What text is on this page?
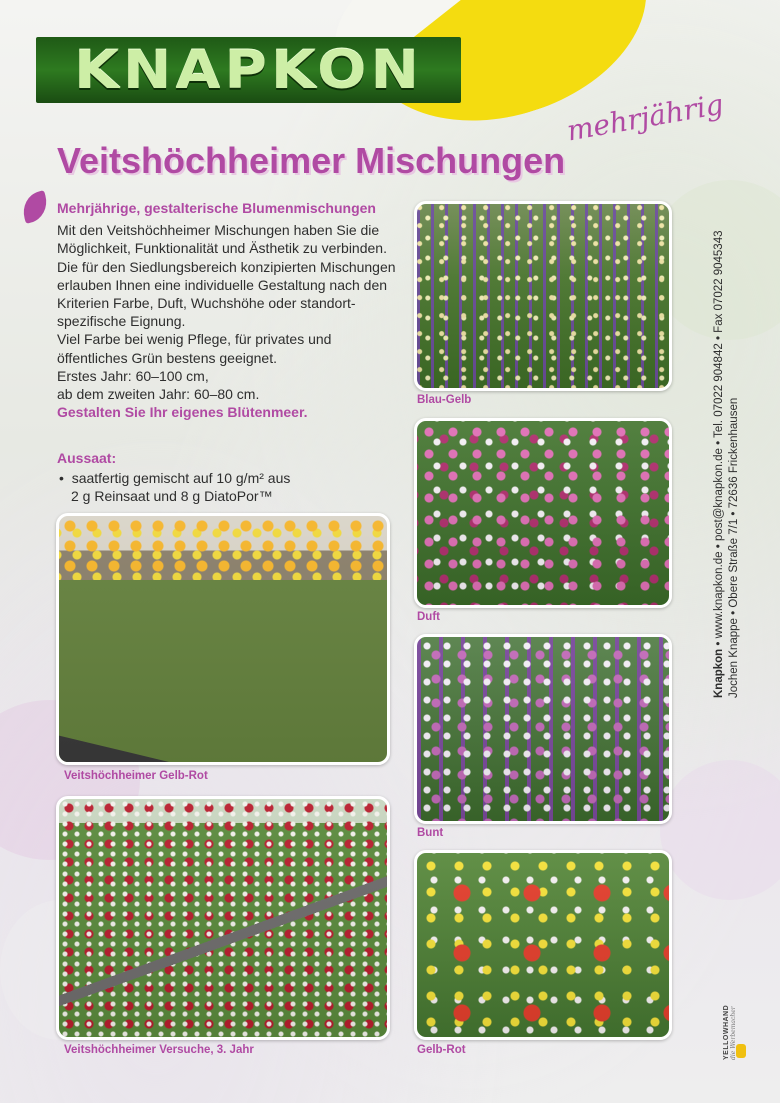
KNAPKON
mehrjährig
Veitshöchheimer Mischungen
Mehrjährige, gestalterische Blumenmischungen
Mit den Veitshöchheimer Mischungen haben Sie die Möglichkeit, Funktionalität und Ästhetik zu verbinden.
Die für den Siedlungsbereich konzipierten Mischungen erlauben Ihnen eine individuelle Gestaltung nach den Kriterien Farbe, Duft, Wuchshöhe oder standort-spezifische Eignung.
Viel Farbe bei wenig Pflege, für privates und öffentliches Grün bestens geeignet.
Erstes Jahr: 60–100 cm,
ab dem zweiten Jahr: 60–80 cm.
Gestalten Sie Ihr eigenes Blütenmeer.
Aussaat:
• saatfertig gemischt auf 10 g/m² aus
2 g Reinsaat und 8 g DiatoPor™
Blau-Gelb
Duft
Bunt
Gelb-Rot
Veitshöchheimer Gelb-Rot
Veitshöchheimer Versuche, 3. Jahr
Knapkon • www.knapkon.de • post@knapkon.de • Tel. 07022 904842 • Fax 07022 9045343
Jochen Knappe • Obere Straße 7/1 • 72636 Frickenhausen
YELLOWHAND die Werbemacher
